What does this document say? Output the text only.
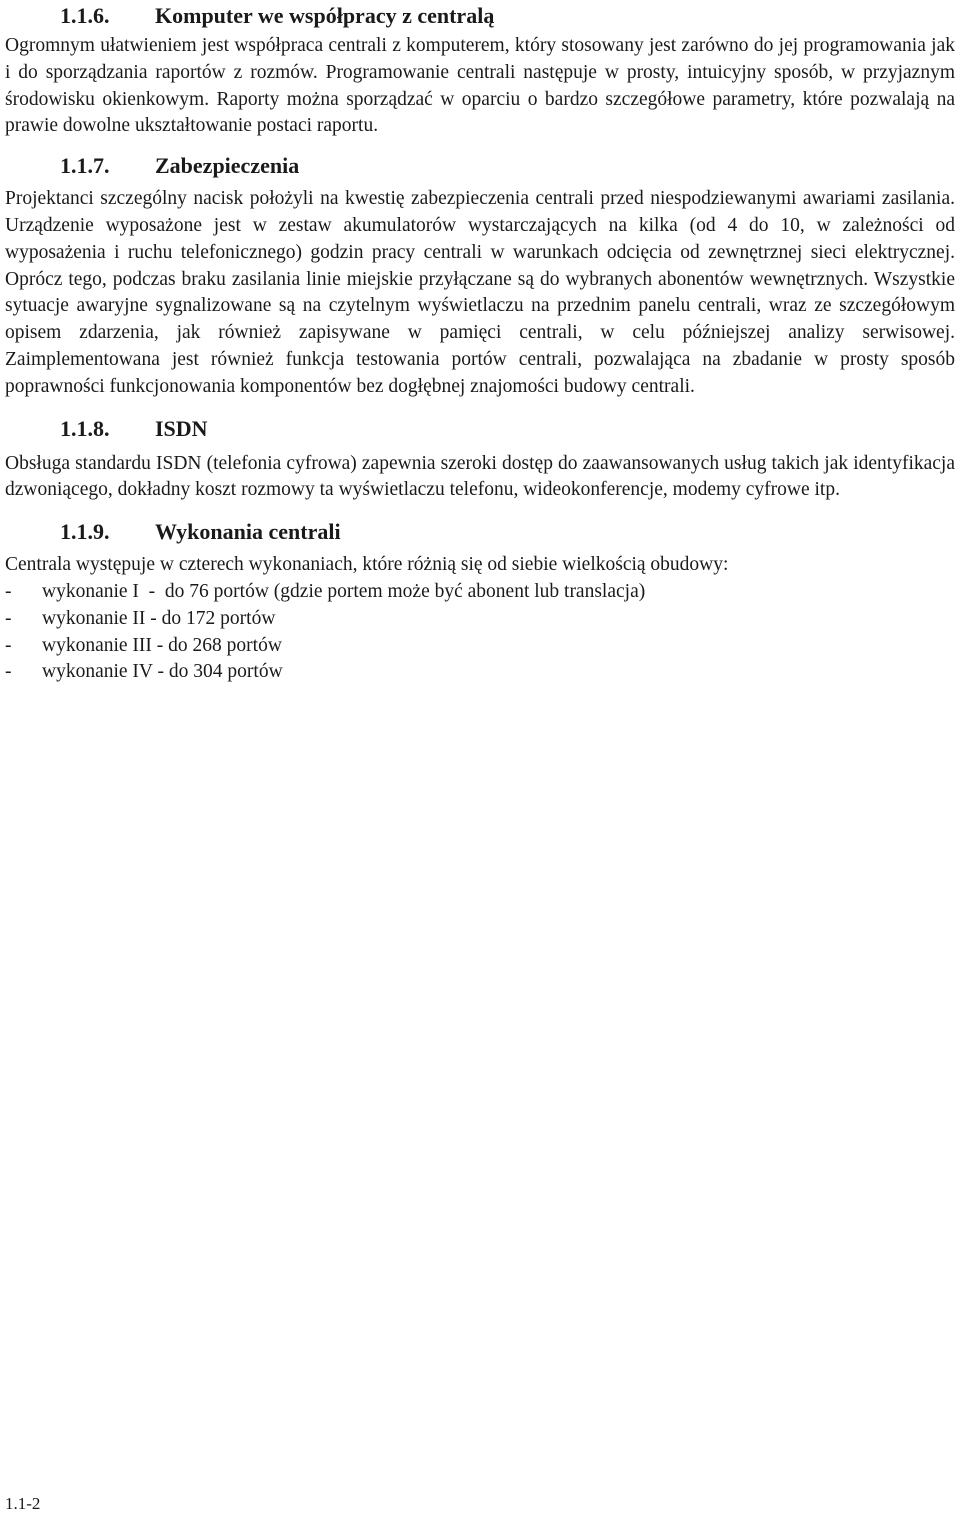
1.1.6.	Komputer we współpracy z centralą

Ogromnym ułatwieniem jest współpraca centrali z komputerem, który stosowany jest zarówno do jej programowania jak i do sporządzania raportów z rozmów. Programowanie centrali następuje w prosty, intuicyjny sposób, w przyjaznym środowisku okienkowym. Raporty można sporządzać w oparciu o bardzo szczegółowe parametry, które pozwalają na prawie dowolne ukształtowanie postaci raportu.

1.1.7.	Zabezpieczenia

Projektanci szczególny nacisk położyli na kwestię zabezpieczenia centrali przed niespodziewanymi awariami zasilania. Urządzenie wyposażone jest w zestaw akumulatorów wystarczających na kilka (od 4 do 10, w zależności od wyposażenia i ruchu telefonicznego) godzin pracy centrali w warunkach odcięcia od zewnętrznej sieci elektrycznej. Oprócz tego, podczas braku zasilania linie miejskie przyłączane są do wybranych abonentów wewnętrznych. Wszystkie sytuacje awaryjne sygnalizowane są na czytelnym wyświetlaczu na przednim panelu centrali, wraz ze szczegółowym opisem zdarzenia, jak również zapisywane w pamięci centrali, w celu późniejszej analizy serwisowej. Zaimplementowana jest również funkcja testowania portów centrali, pozwalająca na zbadanie w prosty sposób poprawności funkcjonowania komponentów bez dogłębnej znajomości budowy centrali.

1.1.8.	ISDN

Obsługa standardu ISDN (telefonia cyfrowa) zapewnia szeroki dostęp do zaawansowanych usług takich jak identyfikacja dzwoniącego, dokładny koszt rozmowy ta wyświetlaczu telefonu, wideokonferencje, modemy cyfrowe itp.

1.1.9.	Wykonania centrali

Centrala występuje w czterech wykonaniach, które różnią się od siebie wielkością obudowy:

-	wykonanie I  -  do 76 portów (gdzie portem może być abonent lub translacja)
-	wykonanie II - do 172 portów
-	wykonanie III - do 268 portów
-	wykonanie IV - do 304 portów
1.1-2
